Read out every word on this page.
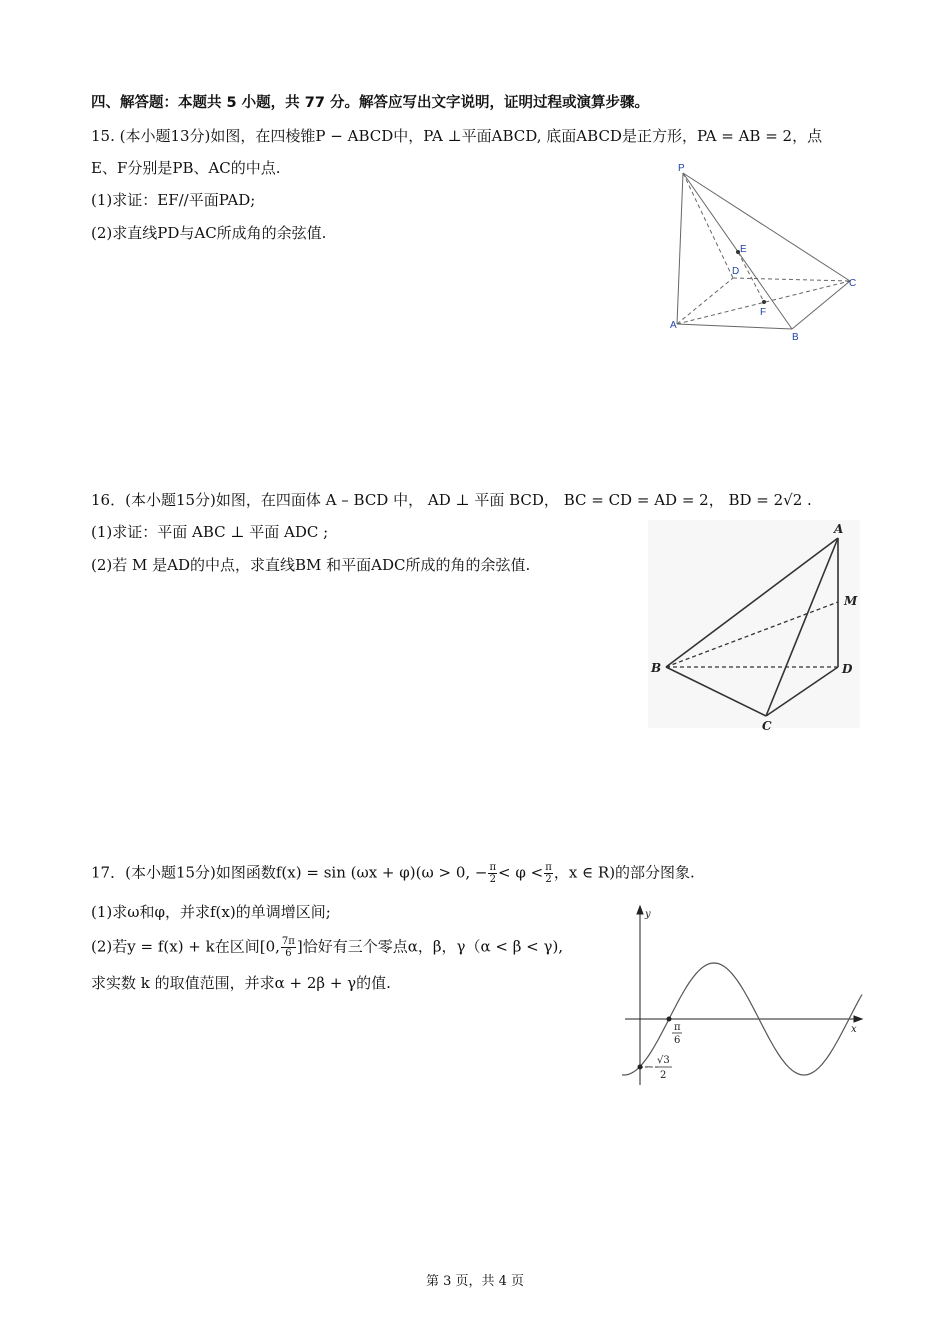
四、解答题：本题共 5 小题，共 77 分。解答应写出文字说明，证明过程或演算步骤。
15. (本小题13分)如图，在四棱锥P − ABCD中，PA ⊥平面ABCD, 底面ABCD是正方形，PA = AB = 2，点
E、F分别是PB、AC的中点.
(1)求证：EF//平面PAD;
(2)求直线PD与AC所成角的余弦值.
P
A
B
C
D
E
F
16．(本小题15分)如图，在四面体 A – BCD 中， AD ⊥ 平面 BCD， BC = CD = AD = 2， BD = 2√2 .
(1)求证：平面 ABC ⊥ 平面 ADC ;
(2)若 M 是AD的中点，求直线BM 和平面ADC所成的角的余弦值.
A
B
C
D
M
17．(本小题15分)如图函数f(x) = sin (ωx + φ)(ω > 0, − $\frac{\pi}{2} < \varphi < \frac{\pi}{2}$ ，x ∈ R)的部分图象.
(1)求ω和φ，并求f(x)的单调增区间;
(2)若y = f(x) + k在区间[0, $\frac{7\pi}{6}$ ]恰好有三个零点α，β，γ（α < β < γ),
求实数 k 的取值范围，并求α + 2β + γ的值.
y
x
π
6
−
√3
2
第 3 页，共 4 页
